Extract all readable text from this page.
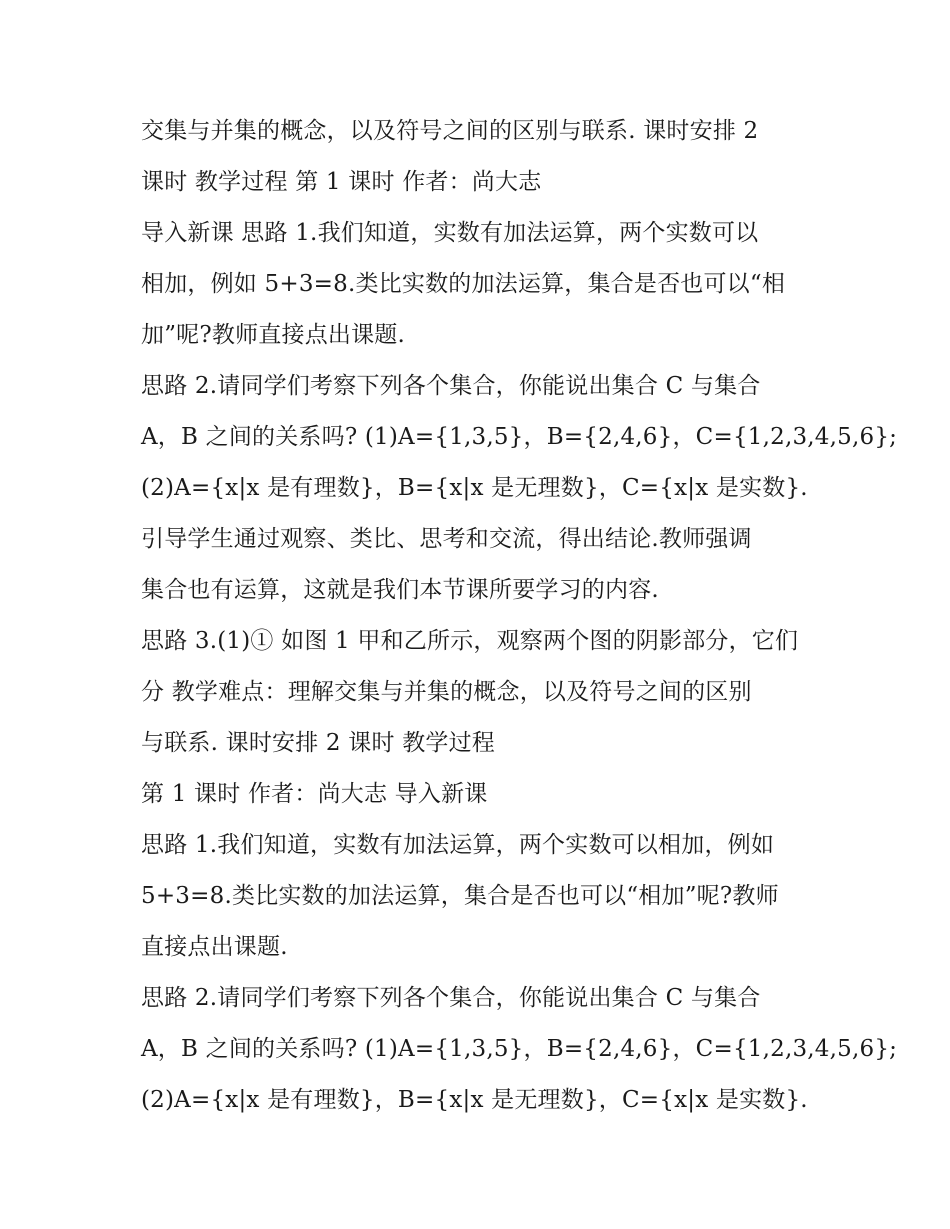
交集与并集的概念，以及符号之间的区别与联系. 课时安排 2
课时 教学过程 第 1 课时 作者：尚大志
导入新课 思路 1.我们知道，实数有加法运算，两个实数可以
相加，例如 5+3=8.类比实数的加法运算，集合是否也可以“相
加”呢?教师直接点出课题.
思路 2.请同学们考察下列各个集合，你能说出集合 C 与集合
A，B 之间的关系吗? (1)A={1,3,5}，B={2,4,6}，C={1,2,3,4,5,6};
(2)A={x|x 是有理数}，B={x|x 是无理数}，C={x|x 是实数}.
引导学生通过观察、类比、思考和交流，得出结论.教师强调
集合也有运算，这就是我们本节课所要学习的内容.
思路 3.(1)① 如图 1 甲和乙所示，观察两个图的阴影部分，它们
分 教学难点：理解交集与并集的概念，以及符号之间的区别
与联系. 课时安排 2 课时 教学过程
第 1 课时 作者：尚大志 导入新课
思路 1.我们知道，实数有加法运算，两个实数可以相加，例如
5+3=8.类比实数的加法运算，集合是否也可以“相加”呢?教师
直接点出课题.
思路 2.请同学们考察下列各个集合，你能说出集合 C 与集合
A，B 之间的关系吗? (1)A={1,3,5}，B={2,4,6}，C={1,2,3,4,5,6};
(2)A={x|x 是有理数}，B={x|x 是无理数}，C={x|x 是实数}.
